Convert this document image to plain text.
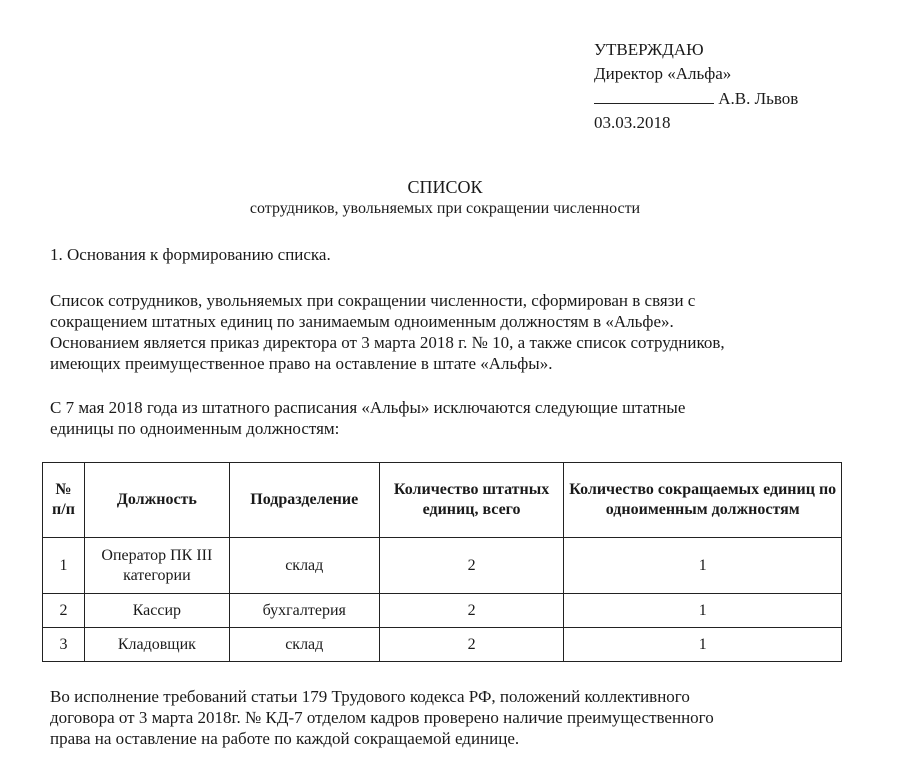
УТВЕРЖДАЮ
Директор «Альфа»
А.В. Львов
03.03.2018
СПИСОК
сотрудников, увольняемых при сокращении численности
1. Основания к формированию списка.
Список сотрудников, увольняемых при сокращении численности, сформирован в связи с
сокращением штатных единиц по занимаемым одноименным должностям в «Альфе».
Основанием является приказ директора от 3 марта 2018 г. № 10, а также список сотрудников,
имеющих преимущественное право на оставление в штате «Альфы».
С 7 мая 2018 года из штатного расписания «Альфы» исключаются следующие штатные
единицы по одноименным должностям:
№ п/п	Должность	Подразделение	Количество штатных единиц, всего	Количество сокращаемых единиц по одноименным должностям
1	Оператор ПК III категории	склад	2	1
2	Кассир	бухгалтерия	2	1
3	Кладовщик	склад	2	1
Во исполнение требований статьи 179 Трудового кодекса РФ, положений коллективного
договора от 3 марта 2018г. № КД-7 отделом кадров проверено наличие преимущественного
права на оставление на работе по каждой сокращаемой единице.
